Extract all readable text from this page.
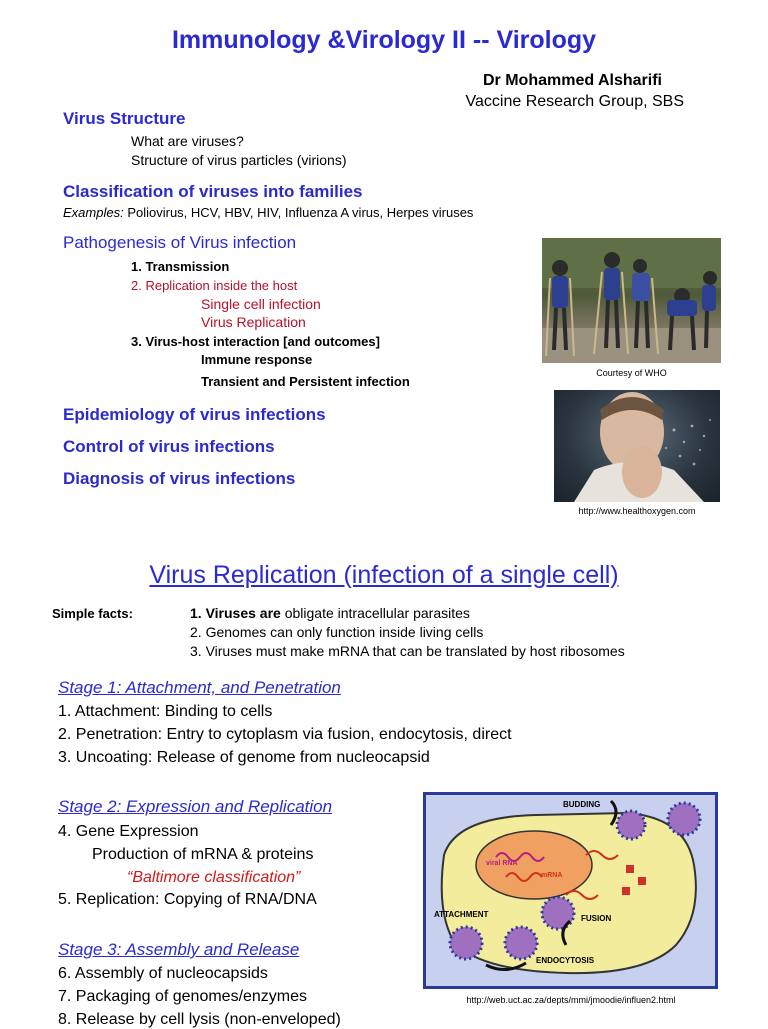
Immunology &Virology II -- Virology
Dr Mohammed Alsharifi
Vaccine Research Group, SBS
Virus Structure
What are viruses?
Structure of virus particles (virions)
Classification of viruses into families
Examples: Poliovirus, HCV, HBV, HIV, Influenza A virus, Herpes viruses
Pathogenesis of Virus infection
1. Transmission
2. Replication inside the host
Single cell infection
Virus Replication
3. Virus-host interaction [and outcomes]
Immune response
Transient and Persistent infection
Epidemiology of virus infections
Control of virus infections
Diagnosis of virus infections
Courtesy of WHO
http://www.healthoxygen.com
Virus Replication (infection of a single cell)
Simple facts:	1. Viruses are obligate intracellular parasites
2. Genomes can only function inside living cells
3. Viruses must make mRNA that can be translated by host ribosomes
Stage 1: Attachment, and Penetration
1. Attachment: Binding to cells
2. Penetration: Entry to cytoplasm via fusion, endocytosis, direct
3. Uncoating: Release of genome from nucleocapsid
Stage 2: Expression and Replication
4. Gene Expression
Production of mRNA & proteins
“Baltimore classification”
5. Replication: Copying of RNA/DNA
Stage 3: Assembly and Release
6. Assembly of nucleocapsids
7. Packaging of genomes/enzymes
8. Release by cell lysis (non-enveloped)
BUDDING
viral RNA
mRNA
ATTACHMENT	FUSION
ENDOCYTOSIS
http://web.uct.ac.za/depts/mmi/jmoodie/influen2.html
